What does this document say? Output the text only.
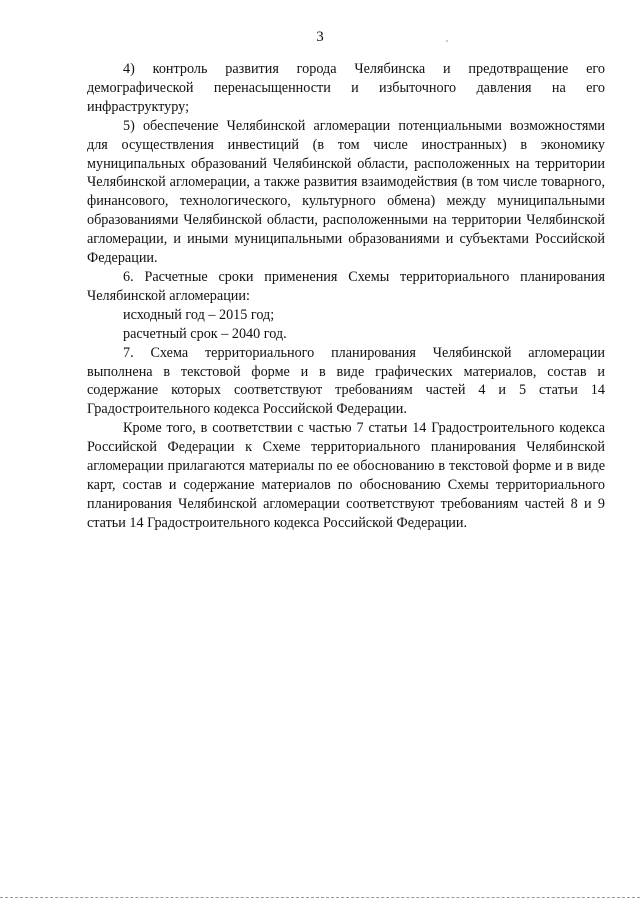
3

4) контроль развития города Челябинска и предотвращение его демографической перенасыщенности и избыточного давления на его инфраструктуру;

5) обеспечение Челябинской агломерации потенциальными возможностями для осуществления инвестиций (в том числе иностранных) в экономику муниципальных образований Челябинской области, расположенных на территории Челябинской агломерации, а также развития взаимодействия (в том числе товарного, финансового, технологического, культурного обмена) между муниципальными образованиями Челябинской области, расположенными на территории Челябинской агломерации, и иными муниципальными образованиями и субъектами Российской Федерации.

6. Расчетные сроки применения Схемы территориального планирования Челябинской агломерации:

исходный год – 2015 год;

расчетный срок – 2040 год.

7. Схема территориального планирования Челябинской агломерации выполнена в текстовой форме и в виде графических материалов, состав и содержание которых соответствуют требованиям частей 4 и 5 статьи 14 Градостроительного кодекса Российской Федерации.

Кроме того, в соответствии с частью 7 статьи 14 Градостроительного кодекса Российской Федерации к Схеме территориального планирования Челябинской агломерации прилагаются материалы по ее обоснованию в текстовой форме и в виде карт, состав и содержание материалов по обоснованию Схемы территориального планирования Челябинской агломерации соответствуют требованиям частей 8 и 9 статьи 14 Градостроительного кодекса Российской Федерации.
